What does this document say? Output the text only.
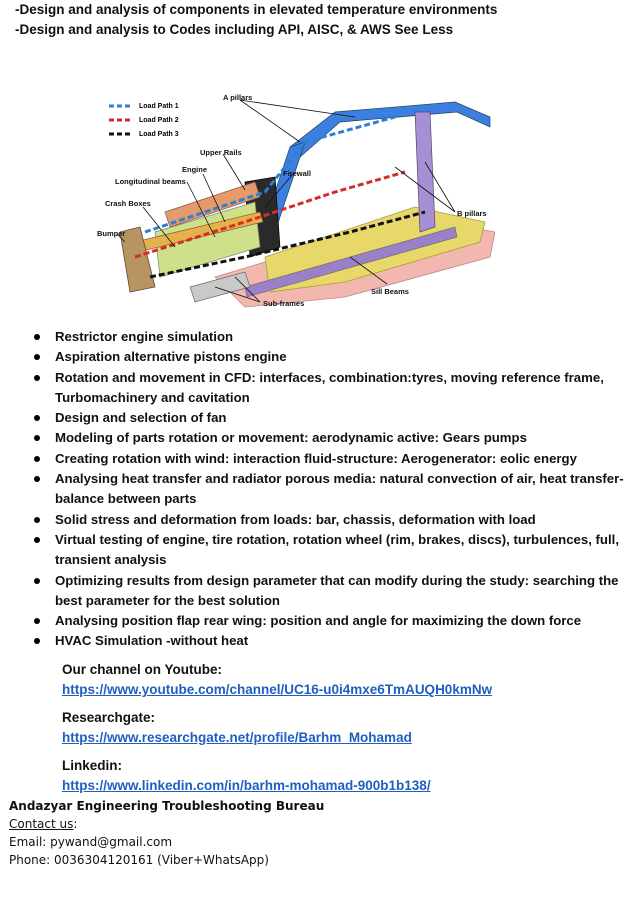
-Design and analysis of components in elevated temperature environments
-Design and analysis to Codes including API, AISC, & AWS See Less
Load Path 1
Load Path 2
Load Path 3
A pillars
Upper Rails
Engine
Longitudinal beams
Firewall
Crash Boxes
Bumper
B pillars
Sill Beams
Sub-frames
Restrictor engine simulation
Aspiration alternative pistons engine
Rotation and movement in CFD: interfaces, combination:tyres, moving reference frame, Turbomachinery and cavitation
Design and selection of fan
Modeling of parts rotation or movement: aerodynamic active: Gears pumps
Creating rotation with wind: interaction fluid-structure: Aerogenerator: eolic energy
Analysing heat transfer and radiator porous media: natural convection of air, heat transfer-balance between parts
Solid stress and deformation from loads: bar, chassis, deformation with load
Virtual testing of engine, tire rotation, rotation wheel (rim, brakes, discs), turbulences, full, transient analysis
Optimizing results from design parameter that can modify during the study: searching the best parameter for the best solution
Analysing position flap rear wing: position and angle for maximizing the down force
HVAC Simulation -without heat
Our channel on Youtube:
https://www.youtube.com/channel/UC16-u0i4mxe6TmAUQH0kmNw
Researchgate:
https://www.researchgate.net/profile/Barhm_Mohamad
Linkedin:
https://www.linkedin.com/in/barhm-mohamad-900b1b138/
Andazyar Engineering Troubleshooting Bureau
Contact us:
Email: pywand@gmail.com
Phone: 0036304120161 (Viber+WhatsApp)
